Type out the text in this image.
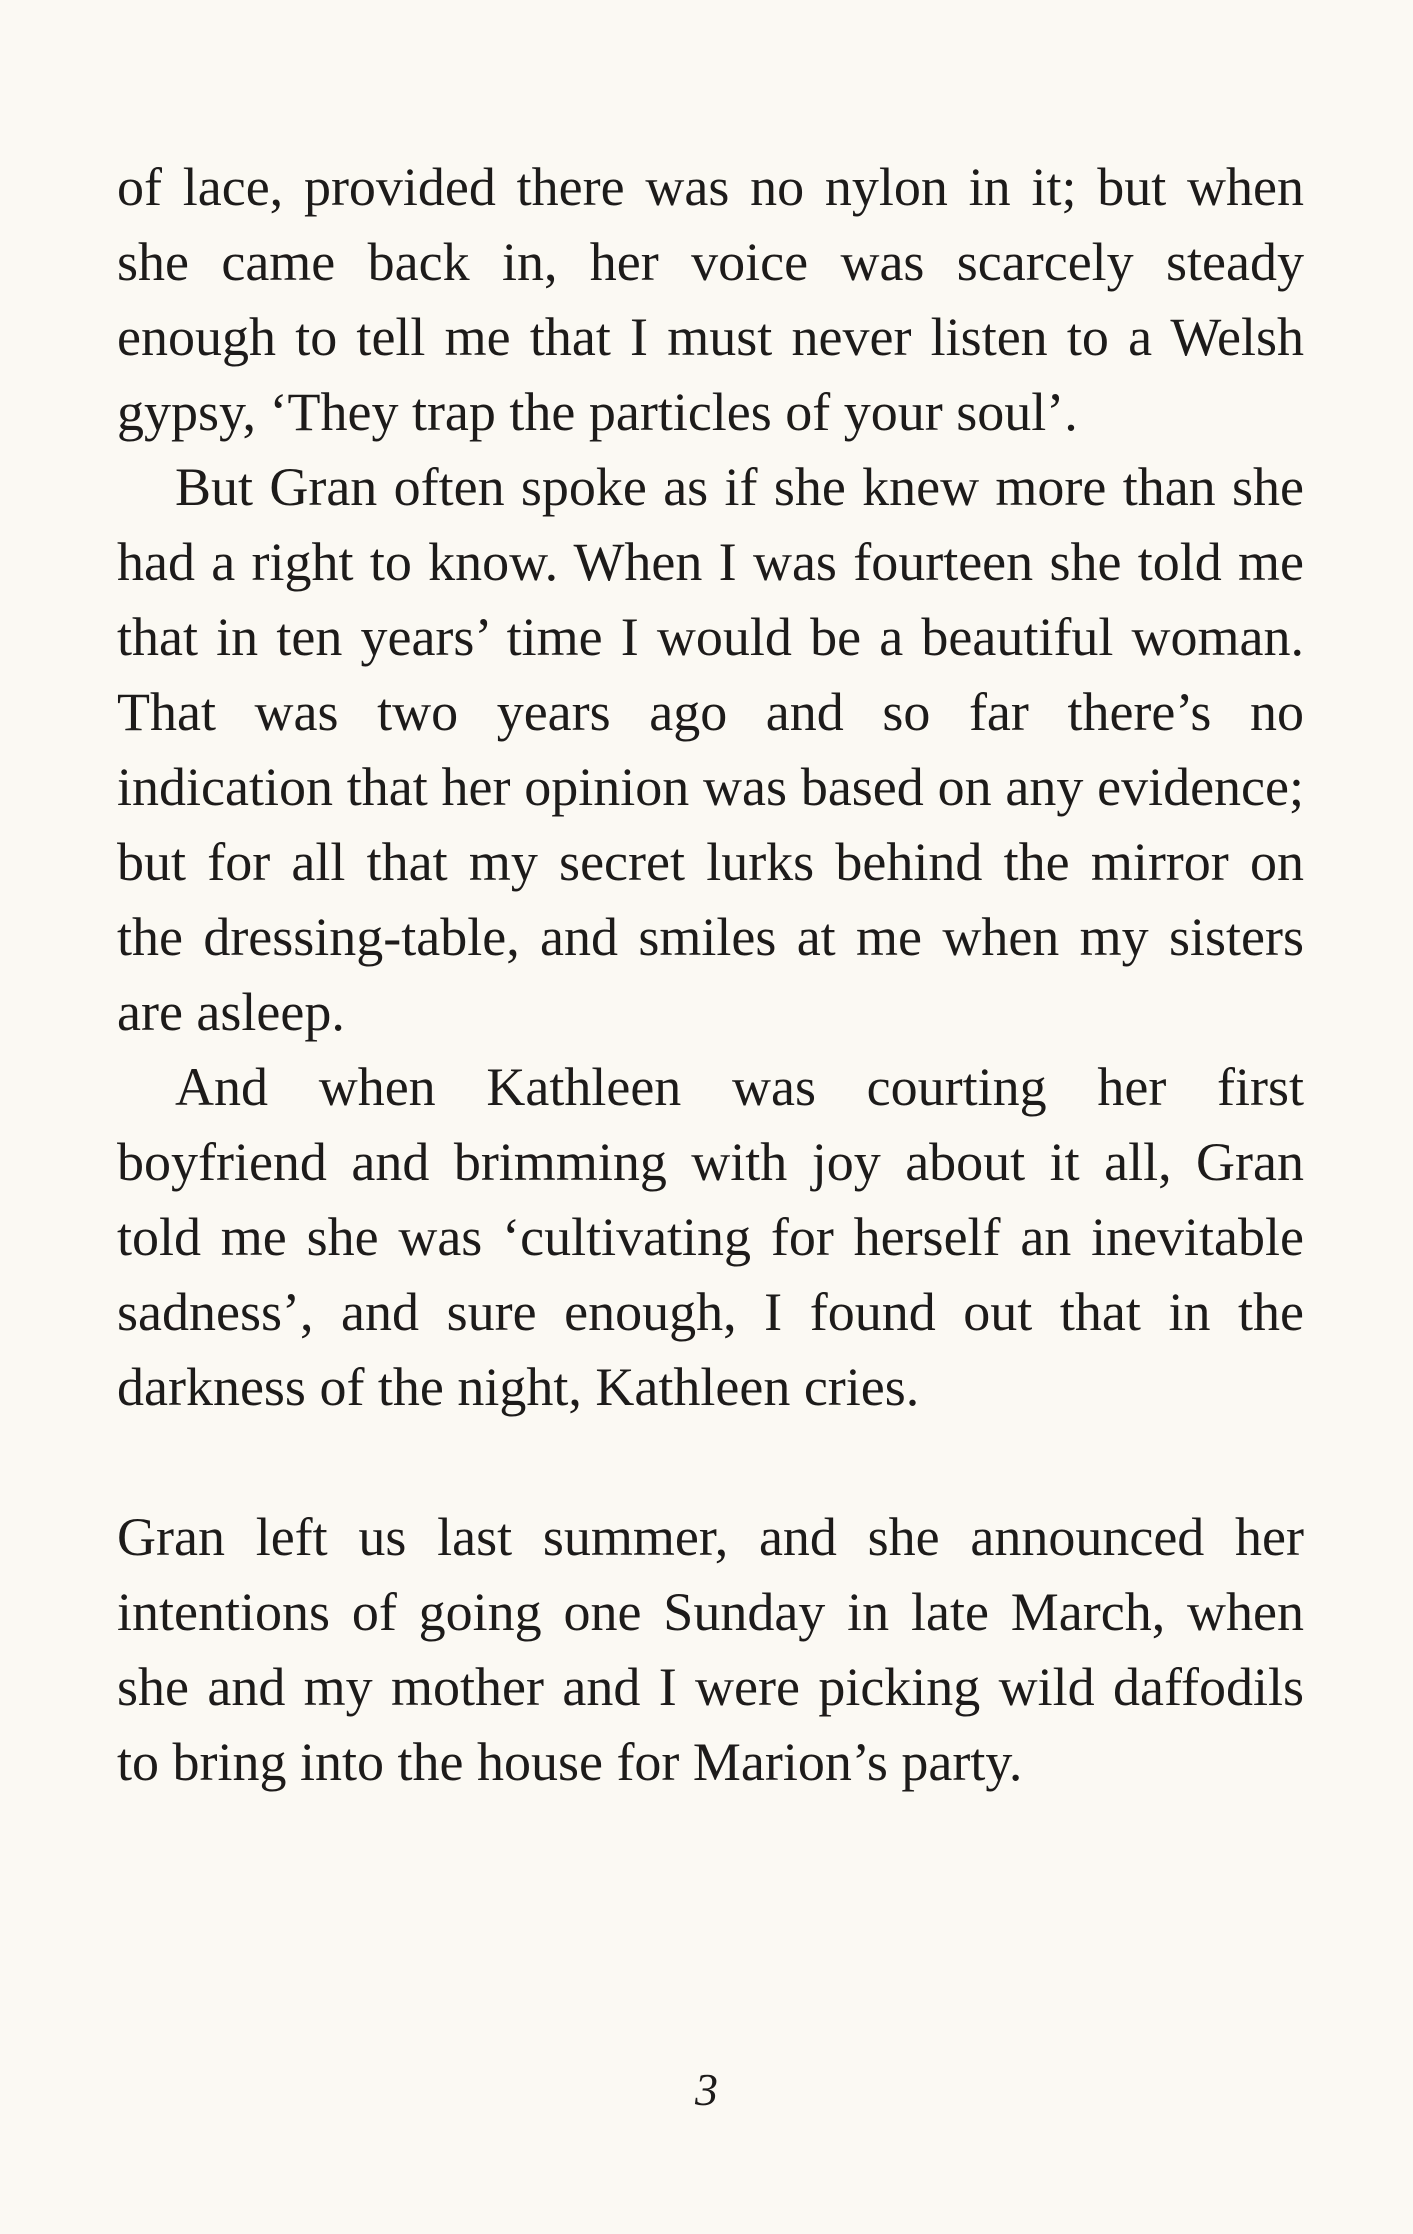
of lace, provided there was no nylon in it; but when she came back in, her voice was scarcely steady enough to tell me that I must never listen to a Welsh gypsy, ‘They trap the particles of your soul’.

But Gran often spoke as if she knew more than she had a right to know. When I was fourteen she told me that in ten years’ time I would be a beautiful woman. That was two years ago and so far there’s no indication that her opinion was based on any evidence; but for all that my secret lurks behind the mirror on the dressing-table, and smiles at me when my sisters are asleep.

And when Kathleen was courting her first boyfriend and brimming with joy about it all, Gran told me she was ‘cultivating for herself an inevitable sadness’, and sure enough, I found out that in the darkness of the night, Kathleen cries.

Gran left us last summer, and she announced her intentions of going one Sunday in late March, when she and my mother and I were picking wild daffodils to bring into the house for Marion’s party.

3
